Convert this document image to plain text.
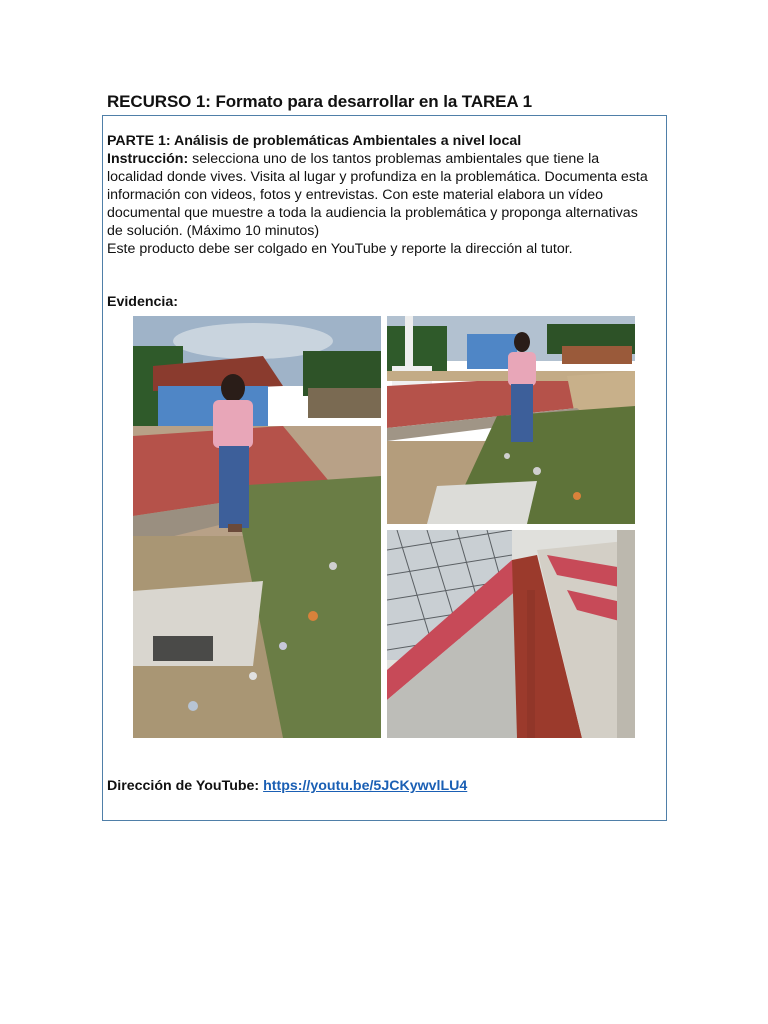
RECURSO 1: Formato para desarrollar en la TAREA 1
PARTE 1: Análisis de problemáticas Ambientales a nivel local
Instrucción: selecciona uno de los tantos problemas ambientales que tiene la localidad donde vives. Visita al lugar y profundiza en la problemática. Documenta esta información con videos, fotos y entrevistas. Con este material elabora un vídeo documental que muestre a toda la audiencia la problemática y proponga alternativas de solución. (Máximo 10 minutos)
Este producto debe ser colgado en YouTube y reporte la dirección al tutor.
Evidencia:
Dirección de YouTube: https://youtu.be/5JCKywvlLU4
